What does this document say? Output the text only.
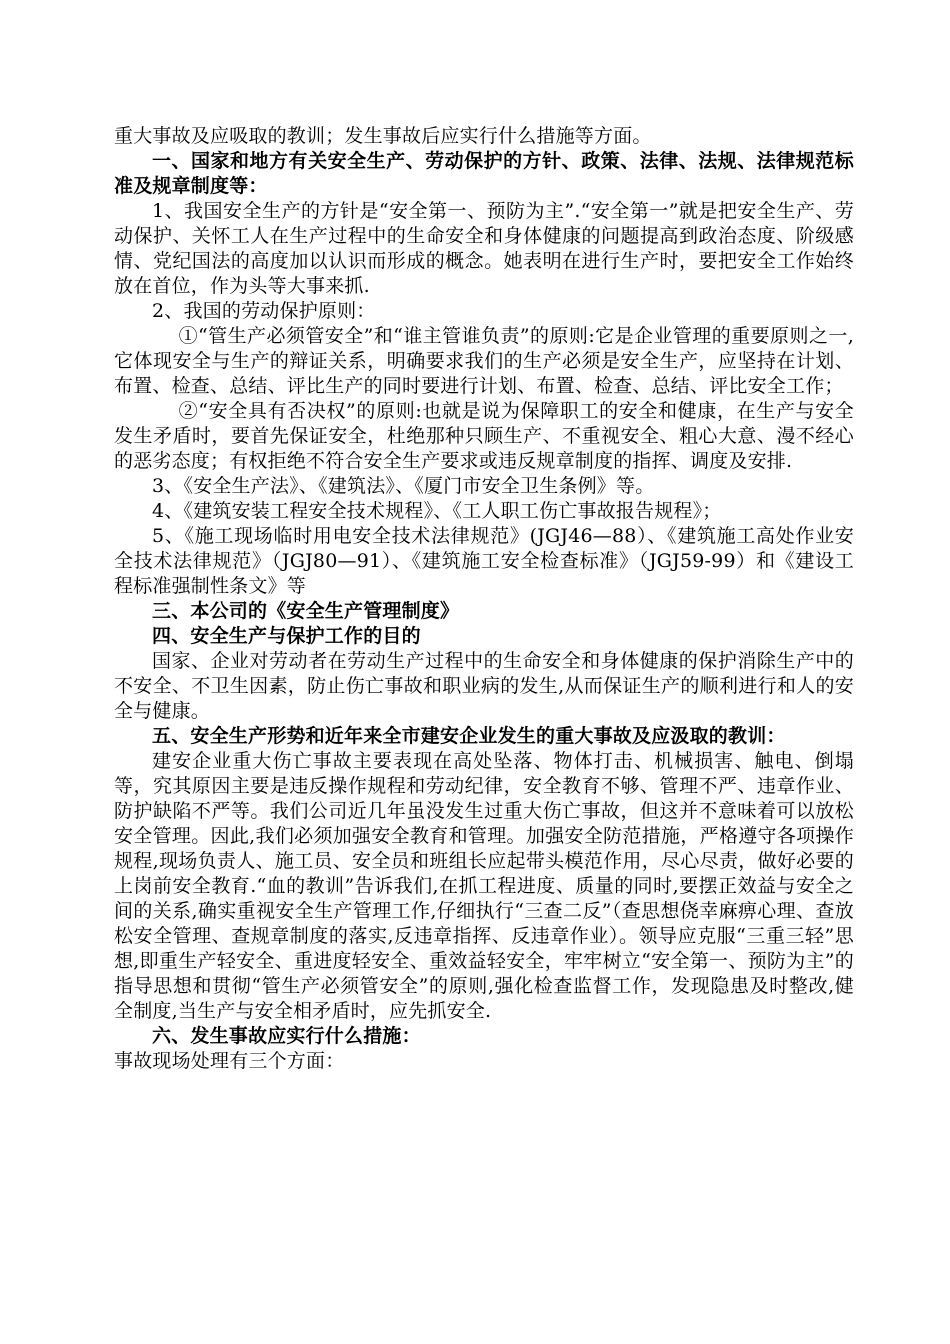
重大事故及应吸取的教训；发生事故后应实行什么措施等方面。

一、国家和地方有关安全生产、劳动保护的方针、政策、法律、法规、法律规范标准及规章制度等：

1、我国安全生产的方针是“安全第一、预防为主”.“安全第一”就是把安全生产、劳动保护、关怀工人在生产过程中的生命安全和身体健康的问题提高到政治态度、阶级感情、党纪国法的高度加以认识而形成的概念。她表明在进行生产时，要把安全工作始终放在首位，作为头等大事来抓.

2、我国的劳动保护原则：

①“管生产必须管安全”和“谁主管谁负责”的原则:它是企业管理的重要原则之一,它体现安全与生产的辩证关系，明确要求我们的生产必须是安全生产，应坚持在计划、布置、检查、总结、评比生产的同时要进行计划、布置、检查、总结、评比安全工作；

②“安全具有否决权”的原则:也就是说为保障职工的安全和健康，在生产与安全发生矛盾时，要首先保证安全，杜绝那种只顾生产、不重视安全、粗心大意、漫不经心的恶劣态度；有权拒绝不符合安全生产要求或违反规章制度的指挥、调度及安排.

3、《安全生产法》、《建筑法》、《厦门市安全卫生条例》等。

4、《建筑安装工程安全技术规程》、《工人职工伤亡事故报告规程》；

5、《施工现场临时用电安全技术法律规范》(JGJ46—88）、《建筑施工高处作业安全技术法律规范》（JGJ80—91）、《建筑施工安全检查标准》（JGJ59-99）和《建设工程标准强制性条文》等

三、本公司的《安全生产管理制度》

四、安全生产与保护工作的目的

国家、企业对劳动者在劳动生产过程中的生命安全和身体健康的保护消除生产中的不安全、不卫生因素，防止伤亡事故和职业病的发生,从而保证生产的顺利进行和人的安全与健康。

五、安全生产形势和近年来全市建安企业发生的重大事故及应汲取的教训：

建安企业重大伤亡事故主要表现在高处坠落、物体打击、机械损害、触电、倒塌等，究其原因主要是违反操作规程和劳动纪律，安全教育不够、管理不严、违章作业、防护缺陷不严等。我们公司近几年虽没发生过重大伤亡事故，但这并不意味着可以放松安全管理。因此,我们必须加强安全教育和管理。加强安全防范措施，严格遵守各项操作规程,现场负责人、施工员、安全员和班组长应起带头模范作用，尽心尽责，做好必要的上岗前安全教育.“血的教训”告诉我们,在抓工程进度、质量的同时,要摆正效益与安全之间的关系,确实重视安全生产管理工作,仔细执行“三查二反”（查思想侥幸麻痹心理、查放松安全管理、查规章制度的落实,反违章指挥、反违章作业）。领导应克服“三重三轻”思想,即重生产轻安全、重进度轻安全、重效益轻安全，牢牢树立“安全第一、预防为主”的指导思想和贯彻“管生产必须管安全”的原则,强化检查监督工作，发现隐患及时整改,健全制度,当生产与安全相矛盾时，应先抓安全.

六、发生事故应实行什么措施：

事故现场处理有三个方面：
